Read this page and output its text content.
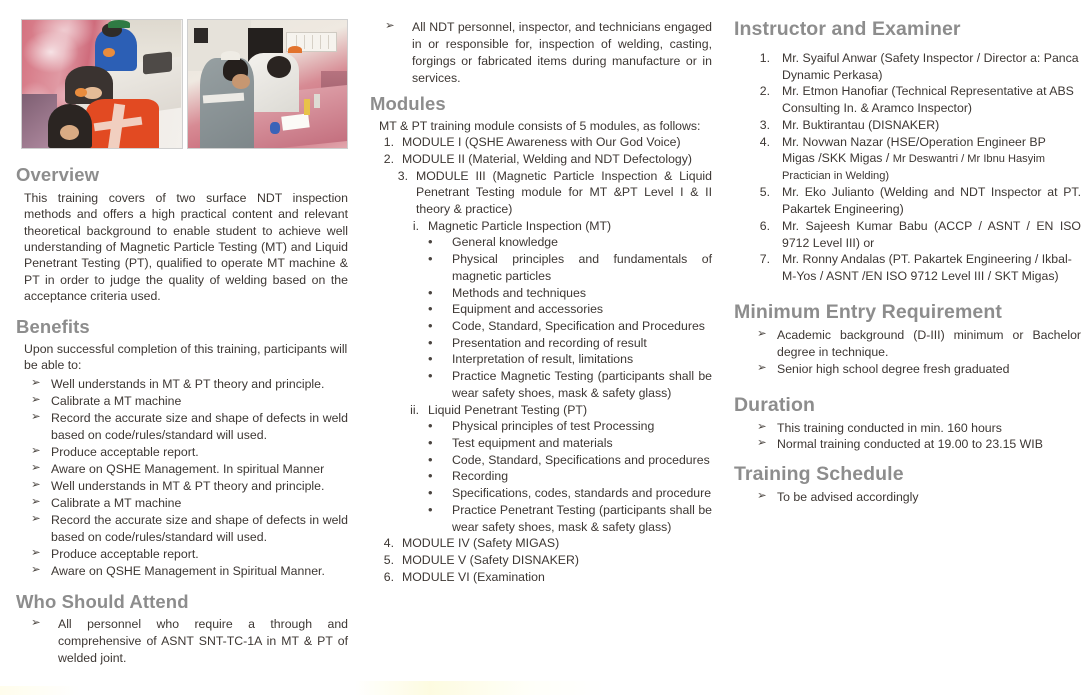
Overview

This training covers of two surface NDT inspection methods and offers a high practical content and relevant theoretical background to enable student to achieve well understanding of Magnetic Particle Testing (MT) and Liquid Penetrant Testing (PT), qualified to operate MT machine & PT in order to judge the quality of welding based on the acceptance criteria used.

Benefits

Upon successful completion of this training, participants will be able to:

➢ Well understands in MT & PT theory and principle.
➢ Calibrate a MT machine
➢ Record the accurate size and shape of defects in weld based on code/rules/standard will used.
➢ Produce acceptable report.
➢ Aware on QSHE Management. In spiritual Manner
➢ Well understands in MT & PT theory and principle.
➢ Calibrate a MT machine
➢ Record the accurate size and shape of defects in weld based on code/rules/standard will used.
➢ Produce acceptable report.
➢ Aware on QSHE Management in Spiritual Manner.
Who Should Attend
➢ All personnel who require a through and comprehensive of ASNT SNT-TC-1A in MT & PT of welded joint.
➢ All NDT personnel, inspector, and technicians engaged in or responsible for, inspection of welding, casting, forgings or fabricated items during manufacture or in services.
Modules

MT & PT training module consists of 5 modules, as follows:

1. MODULE I (QSHE Awareness with Our God Voice)
2. MODULE II (Material, Welding and NDT Defectology)
3. MODULE III (Magnetic Particle Inspection & Liquid Penetrant Testing module for MT &PT Level I & II theory & practice)
i. Magnetic Particle Inspection (MT)
• General knowledge
• Physical principles and fundamentals of magnetic particles
• Methods and techniques
• Equipment and accessories
• Code, Standard, Specification and Procedures
• Presentation and recording of result
• Interpretation of result, limitations
• Practice Magnetic Testing (participants shall be wear safety shoes, mask & safety glass)
ii. Liquid Penetrant Testing (PT)
• Physical principles of test Processing
• Test equipment and materials
• Code, Standard, Specifications and procedures
• Recording
• Specifications, codes, standards and procedure
• Practice Penetrant Testing (participants shall be wear safety shoes, mask & safety glass)
4. MODULE IV (Safety MIGAS)
5. MODULE V (Safety DISNAKER)
6. MODULE VI (Examination
Instructor and Examiner
1. Mr. Syaiful Anwar (Safety Inspector / Director a: Panca Dynamic Perkasa)
2. Mr. Etmon Hanofiar (Technical Representative at ABS Consulting In. & Aramco Inspector)
3. Mr. Buktirantau (DISNAKER)
4. Mr. Novwan Nazar (HSE/Operation Engineer BP Migas /SKK Migas / Mr Deswantri / Mr Ibnu Hasyim Practician in Welding)
5. Mr. Eko Julianto (Welding and NDT Inspector at PT. Pakartek Engineering)
6. Mr. Sajeesh Kumar Babu (ACCP / ASNT / EN ISO 9712 Level III) or
7. Mr. Ronny Andalas (PT. Pakartek Engineering / Ikbal-M-Yos / ASNT /EN ISO 9712 Level III / SKT Migas)
Minimum Entry Requirement
➢ Academic background (D-III) minimum or Bachelor degree in technique.
➢ Senior high school degree fresh graduated
Duration
➢ This training conducted in min. 160 hours
➢ Normal training conducted at 19.00 to 23.15 WIB
Training Schedule
➢ To be advised accordingly
